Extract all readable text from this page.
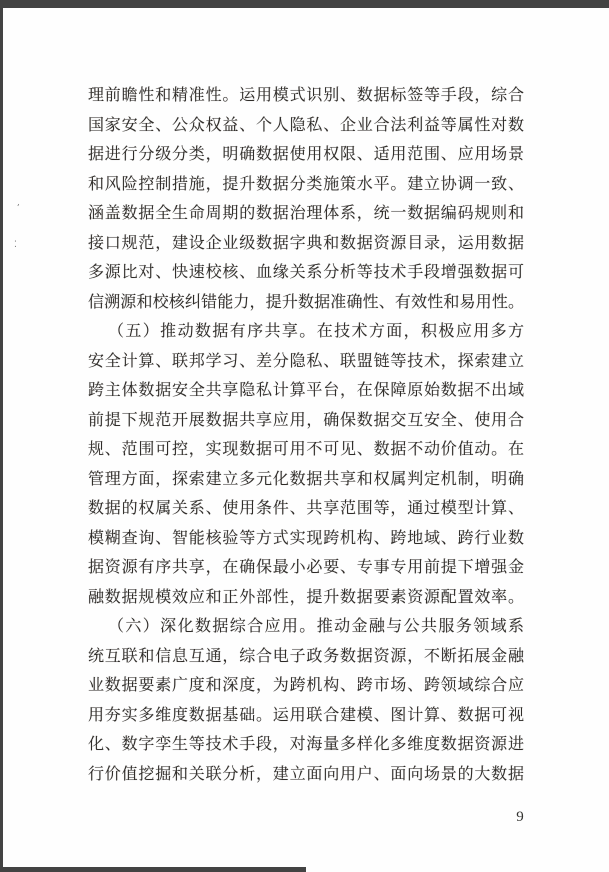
ʹ
⁚
理前瞻性和精准性。运用模式识别、数据标签等手段，综合
国家安全、公众权益、个人隐私、企业合法利益等属性对数
据进行分级分类，明确数据使用权限、适用范围、应用场景
和风险控制措施，提升数据分类施策水平。建立协调一致、
涵盖数据全生命周期的数据治理体系，统一数据编码规则和
接口规范，建设企业级数据字典和数据资源目录，运用数据
多源比对、快速校核、血缘关系分析等技术手段增强数据可
信溯源和校核纠错能力，提升数据准确性、有效性和易用性。
（五）推动数据有序共享。在技术方面，积极应用多方
安全计算、联邦学习、差分隐私、联盟链等技术，探索建立
跨主体数据安全共享隐私计算平台，在保障原始数据不出域
前提下规范开展数据共享应用，确保数据交互安全、使用合
规、范围可控，实现数据可用不可见、数据不动价值动。在
管理方面，探索建立多元化数据共享和权属判定机制，明确
数据的权属关系、使用条件、共享范围等，通过模型计算、
模糊查询、智能核验等方式实现跨机构、跨地域、跨行业数
据资源有序共享，在确保最小必要、专事专用前提下增强金
融数据规模效应和正外部性，提升数据要素资源配置效率。
（六）深化数据综合应用。推动金融与公共服务领域系
统互联和信息互通，综合电子政务数据资源，不断拓展金融
业数据要素广度和深度，为跨机构、跨市场、跨领域综合应
用夯实多维度数据基础。运用联合建模、图计算、数据可视
化、数字孪生等技术手段，对海量多样化多维度数据资源进
行价值挖掘和关联分析，建立面向用户、面向场景的大数据
9
